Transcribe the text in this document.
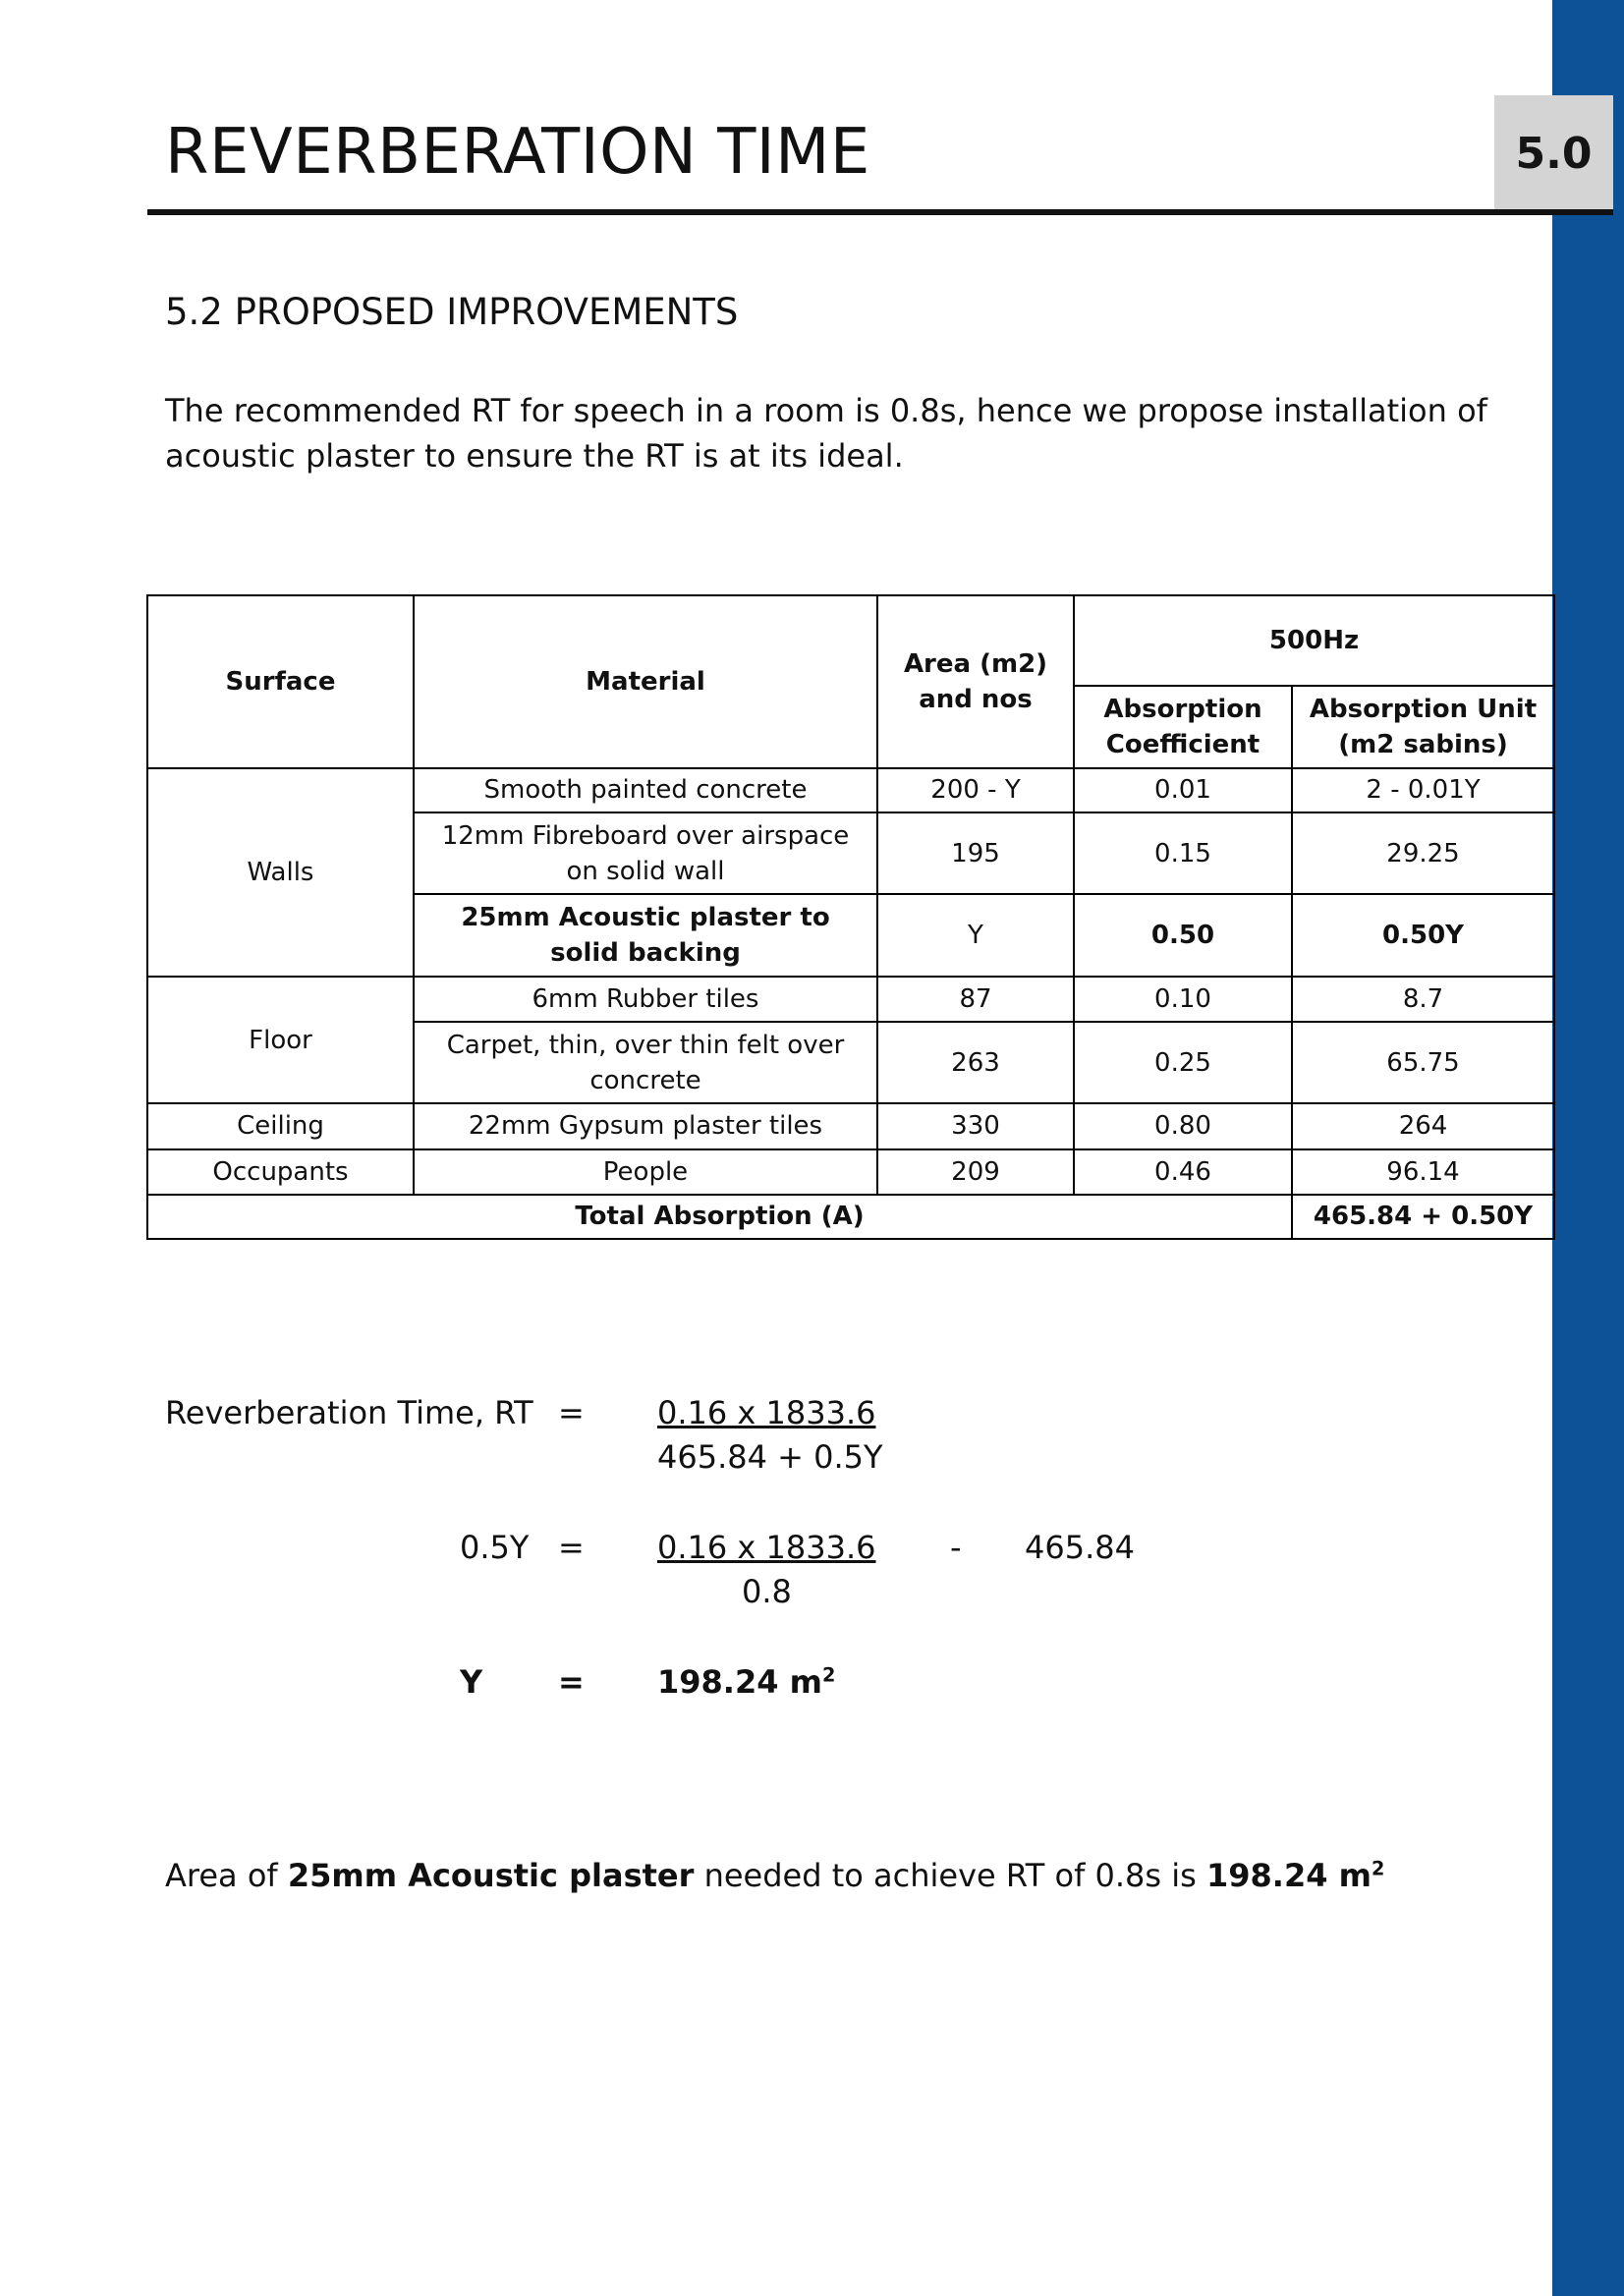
5.0
REVERBERATION TIME
5.2 PROPOSED IMPROVEMENTS

The recommended RT for speech in a room is 0.8s, hence we propose installation of acoustic plaster to ensure the RT is at its ideal.

Surface	Material	Area (m2) and nos	500Hz	
			Absorption Coefficient	Absorption Unit (m2 sabins)
Walls	Smooth painted concrete	200 - Y	0.01	2 - 0.01Y
	12mm Fibreboard over airspace on solid wall	195	0.15	29.25
	25mm Acoustic plaster to solid backing	Y	0.50	0.50Y
Floor	6mm Rubber tiles	87	0.10	8.7
	Carpet, thin, over thin felt over concrete	263	0.25	65.75
Ceiling	22mm Gypsum plaster tiles	330	0.80	264
Occupants	People	209	0.46	96.14
Total Absorption (A)				465.84 + 0.50Y
Reverberation Time, RT = 0.16 x 1833.6
465.84 + 0.5Y
0.5Y = 0.16 x 1833.6
0.8
- 465.84
Y = 198.24 $m^2$

Area of 25mm Acoustic plaster needed to achieve RT of 0.8s is 198.24 $m^2$
